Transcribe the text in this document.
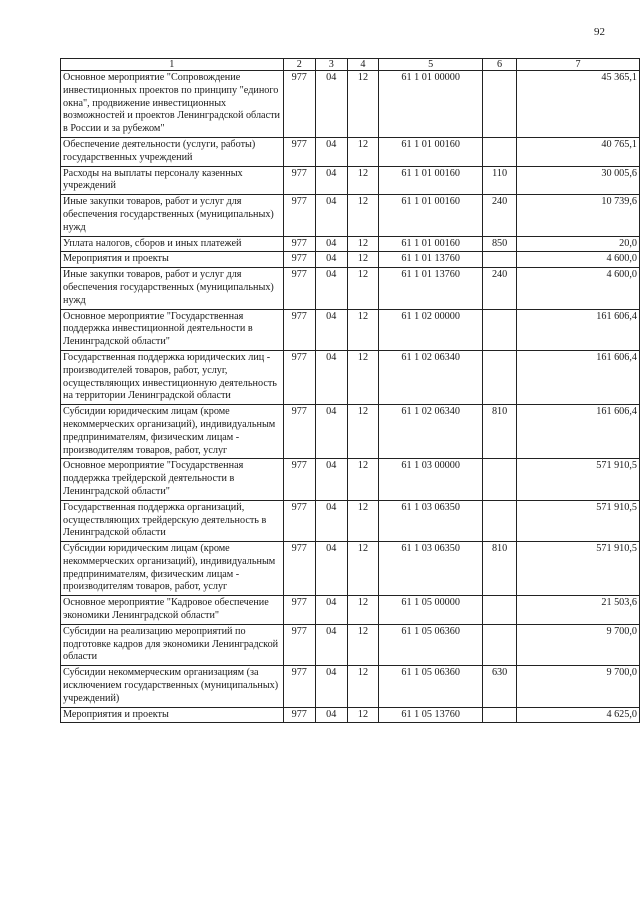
92
1	2	3	4	5	6	7
Основное мероприятие "Сопровождение инвестиционных проектов по принципу "единого окна", продвижение инвестиционных возможностей и проектов Ленинградской области в России и за рубежом"	977	04	12	61 1 01 00000		45 365,1
Обеспечение деятельности (услуги, работы) государственных учреждений	977	04	12	61 1 01 00160		40 765,1
Расходы на выплаты персоналу казенных учреждений	977	04	12	61 1 01 00160	110	30 005,6
Иные закупки товаров, работ и услуг для обеспечения государственных (муниципальных) нужд	977	04	12	61 1 01 00160	240	10 739,6
Уплата налогов, сборов и иных платежей	977	04	12	61 1 01 00160	850	20,0
Мероприятия и проекты	977	04	12	61 1 01 13760		4 600,0
Иные закупки товаров, работ и услуг для обеспечения государственных (муниципальных) нужд	977	04	12	61 1 01 13760	240	4 600,0
Основное мероприятие "Государственная поддержка инвестиционной деятельности в Ленинградской области"	977	04	12	61 1 02 00000		161 606,4
Государственная поддержка юридических лиц - производителей товаров, работ, услуг, осуществляющих инвестиционную деятельность на территории Ленинградской области	977	04	12	61 1 02 06340		161 606,4
Субсидии юридическим лицам (кроме некоммерческих организаций), индивидуальным предпринимателям, физическим лицам - производителям товаров, работ, услуг	977	04	12	61 1 02 06340	810	161 606,4
Основное мероприятие "Государственная поддержка трейдерской деятельности в Ленинградской области"	977	04	12	61 1 03 00000		571 910,5
Государственная поддержка организаций, осуществляющих трейдерскую деятельность в Ленинградской области	977	04	12	61 1 03 06350		571 910,5
Субсидии юридическим лицам (кроме некоммерческих организаций), индивидуальным предпринимателям, физическим лицам - производителям товаров, работ, услуг	977	04	12	61 1 03 06350	810	571 910,5
Основное мероприятие "Кадровое обеспечение экономики Ленинградской области"	977	04	12	61 1 05 00000		21 503,6
Субсидии на реализацию мероприятий по подготовке кадров для экономики Ленинградской области	977	04	12	61 1 05 06360		9 700,0
Субсидии некоммерческим организациям (за исключением государственных (муниципальных) учреждений)	977	04	12	61 1 05 06360	630	9 700,0
Мероприятия и проекты	977	04	12	61 1 05 13760		4 625,0
